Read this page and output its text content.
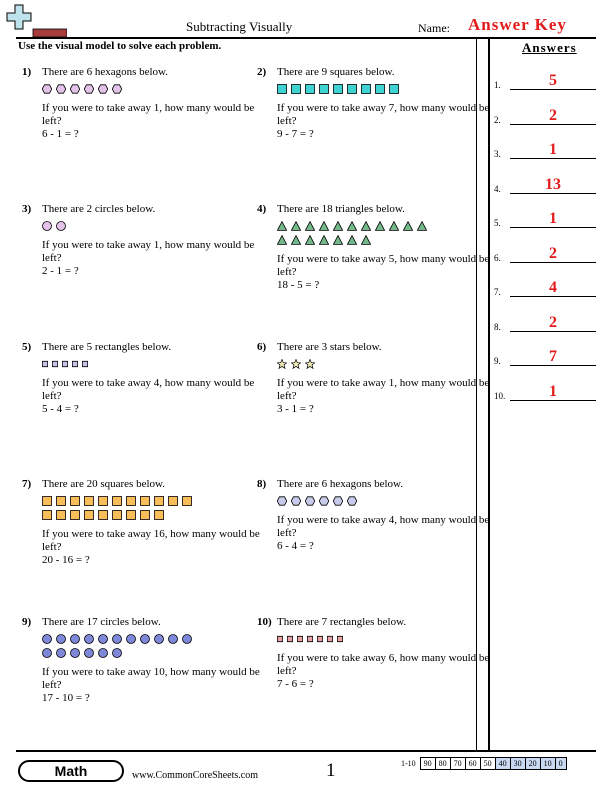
Subtracting Visually	Name: Answer Key
Use the visual model to solve each problem.	Answers
1) There are 6 hexagons below.
If you were to take away 1, how many would be left?
6 - 1 = ?
2) There are 9 squares below.
If you were to take away 7, how many would be left?
9 - 7 = ?
3) There are 2 circles below.
If you were to take away 1, how many would be left?
2 - 1 = ?
4) There are 18 triangles below.
If you were to take away 5, how many would be left?
18 - 5 = ?
5) There are 5 rectangles below.
If you were to take away 4, how many would be left?
5 - 4 = ?
6) There are 3 stars below.
If you were to take away 1, how many would be left?
3 - 1 = ?
7) There are 20 squares below.
If you were to take away 16, how many would be left?
20 - 16 = ?
8) There are 6 hexagons below.
If you were to take away 4, how many would be left?
6 - 4 = ?
9) There are 17 circles below.
If you were to take away 10, how many would be left?
17 - 10 = ?
10) There are 7 rectangles below.
If you were to take away 6, how many would be left?
7 - 6 = ?
1.	5
2.	2
3.	1
4.	13
5.	1
6.	2
7.	4
8.	2
9.	7
10.	1
Math	www.CommonCoreSheets.com	1	1-10	90	80	70	60	50	40	30	20	10	0
